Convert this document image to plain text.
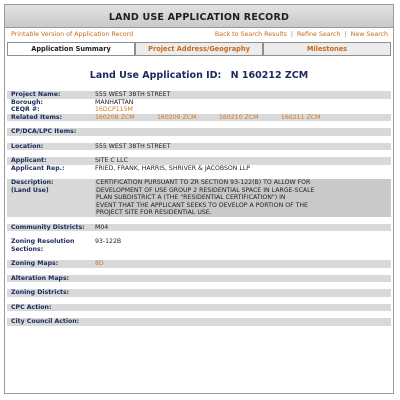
LAND USE APPLICATION RECORD
Printable Version of Application Record	Back to Search Results | Refine Search | New Search
Application Summary	Project Address/Geography	Milestones
Land Use Application ID: N 160212 ZCM
Project Name:	555 WEST 38TH STREET
Borough:	MANHATTAN
CEQR #:	16DCP115M
Related Items:	160208 ZCM	160209 ZCM	160210 ZCM	160211 ZCM
CP/DCA/LPC Items:
Location:	555 WEST 38TH STREET
Applicant:	SITE C LLC
Applicant Rep.:	FRIED, FRANK, HARRIS, SHRIVER & JACOBSON LLP
Description:
(Land Use)
CERTIFICATION PURSUANT TO ZR SECTION 93-122(B) TO ALLOW FOR
DEVELOPMENT OF USE GROUP 2 RESIDENTIAL SPACE IN LARGE-SCALE
PLAN SUBDISTRICT A (THE "RESIDENTIAL CERTIFICATION") IN
EVENT THAT THE APPLICANT SEEKS TO DEVELOP A PORTION OF THE
PROJECT SITE FOR RESIDENTIAL USE.
Community Districts:	M04
Zoning Resolution
Sections:
93-122B
Zoning Maps:	8D
Alteration Maps:
Zoning Districts:
CPC Action:
City Council Action:
